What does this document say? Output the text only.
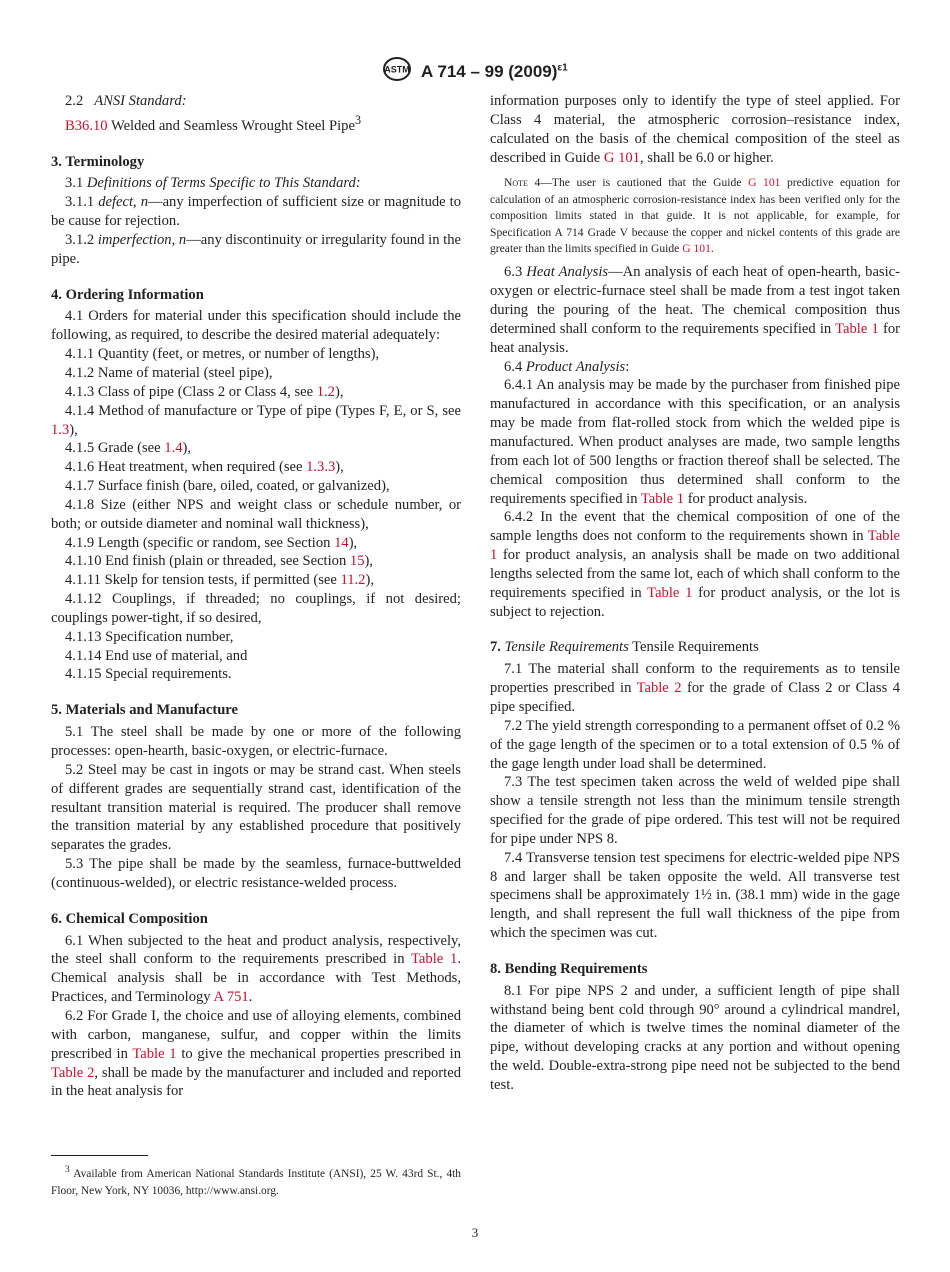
ASTM A 714 – 99 $(2009)^{\varepsilon 1}$

2.2 ANSI Standard:

B36.10 Welded and Seamless Wrought Steel Pipe$^3$

3. Terminology

3.1 Definitions of Terms Specific to This Standard:

3.1.1 defect, n—any imperfection of sufficient size or magnitude to be cause for rejection.

3.1.2 imperfection, n—any discontinuity or irregularity found in the pipe.

4. Ordering Information

4.1 Orders for material under this specification should include the following, as required, to describe the desired material adequately:

4.1.1 Quantity (feet, or metres, or number of lengths),

4.1.2 Name of material (steel pipe),

4.1.3 Class of pipe (Class 2 or Class 4, see 1.2),

4.1.4 Method of manufacture or Type of pipe (Types F, E, or S, see 1.3),

4.1.5 Grade (see 1.4),

4.1.6 Heat treatment, when required (see 1.3.3),

4.1.7 Surface finish (bare, oiled, coated, or galvanized),

4.1.8 Size (either NPS and weight class or schedule number, or both; or outside diameter and nominal wall thickness),

4.1.9 Length (specific or random, see Section 14),

4.1.10 End finish (plain or threaded, see Section 15),

4.1.11 Skelp for tension tests, if permitted (see 11.2),

4.1.12 Couplings, if threaded; no couplings, if not desired; couplings power-tight, if so desired,

4.1.13 Specification number,

4.1.14 End use of material, and

4.1.15 Special requirements.

5. Materials and Manufacture

5.1 The steel shall be made by one or more of the following processes: open-hearth, basic-oxygen, or electric-furnace.

5.2 Steel may be cast in ingots or may be strand cast. When steels of different grades are sequentially strand cast, identification of the resultant transition material is required. The producer shall remove the transition material by any established procedure that positively separates the grades.

5.3 The pipe shall be made by the seamless, furnace-buttwelded (continuous-welded), or electric resistance-welded process.

6. Chemical Composition

6.1 When subjected to the heat and product analysis, respectively, the steel shall conform to the requirements prescribed in Table 1. Chemical analysis shall be in accordance with Test Methods, Practices, and Terminology A 751.

6.2 For Grade I, the choice and use of alloying elements, combined with carbon, manganese, sulfur, and copper within the limits prescribed in Table 1 to give the mechanical properties prescribed in Table 2, shall be made by the manufacturer and included and reported in the heat analysis for

information purposes only to identify the type of steel applied. For Class 4 material, the atmospheric corrosion–resistance index, calculated on the basis of the chemical composition of the steel as described in Guide G 101, shall be 6.0 or higher.

Note 4—The user is cautioned that the Guide G 101 predictive equation for calculation of an atmospheric corrosion-resistance index has been verified only for the composition limits stated in that guide. It is not applicable, for example, for Specification A 714 Grade V because the copper and nickel contents of this grade are greater than the limits specified in Guide G 101.

6.3 Heat Analysis—An analysis of each heat of open-hearth, basic-oxygen or electric-furnace steel shall be made from a test ingot taken during the pouring of the heat. The chemical composition thus determined shall conform to the requirements specified in Table 1 for heat analysis.

6.4 Product Analysis:

6.4.1 An analysis may be made by the purchaser from finished pipe manufactured in accordance with this specification, or an analysis may be made from flat-rolled stock from which the welded pipe is manufactured. When product analyses are made, two sample lengths from each lot of 500 lengths or fraction thereof shall be selected. The chemical composition thus determined shall conform to the requirements specified in Table 1 for product analysis.

6.4.2 In the event that the chemical composition of one of the sample lengths does not conform to the requirements shown in Table 1 for product analysis, an analysis shall be made on two additional lengths selected from the same lot, each of which shall conform to the requirements specified in Table 1 for product analysis, or the lot is subject to rejection.

7. Tensile Requirements Tensile Requirements

7.1 The material shall conform to the requirements as to tensile properties prescribed in Table 2 for the grade of Class 2 or Class 4 pipe specified.

7.2 The yield strength corresponding to a permanent offset of 0.2 % of the gage length of the specimen or to a total extension of 0.5 % of the gage length under load shall be determined.

7.3 The test specimen taken across the weld of welded pipe shall show a tensile strength not less than the minimum tensile strength specified for the grade of pipe ordered. This test will not be required for pipe under NPS 8.

7.4 Transverse tension test specimens for electric-welded pipe NPS 8 and larger shall be taken opposite the weld. All transverse test specimens shall be approximately 1½ in. (38.1 mm) wide in the gage length, and shall represent the full wall thickness of the pipe from which the specimen was cut.

8. Bending Requirements

8.1 For pipe NPS 2 and under, a sufficient length of pipe shall withstand being bent cold through 90° around a cylindrical mandrel, the diameter of which is twelve times the nominal diameter of the pipe, without developing cracks at any portion and without opening the weld. Double-extra-strong pipe need not be subjected to the bend test.

$^3$ Available from American National Standards Institute (ANSI), 25 W. 43rd St., 4th Floor, New York, NY 10036, http://www.ansi.org.

3
